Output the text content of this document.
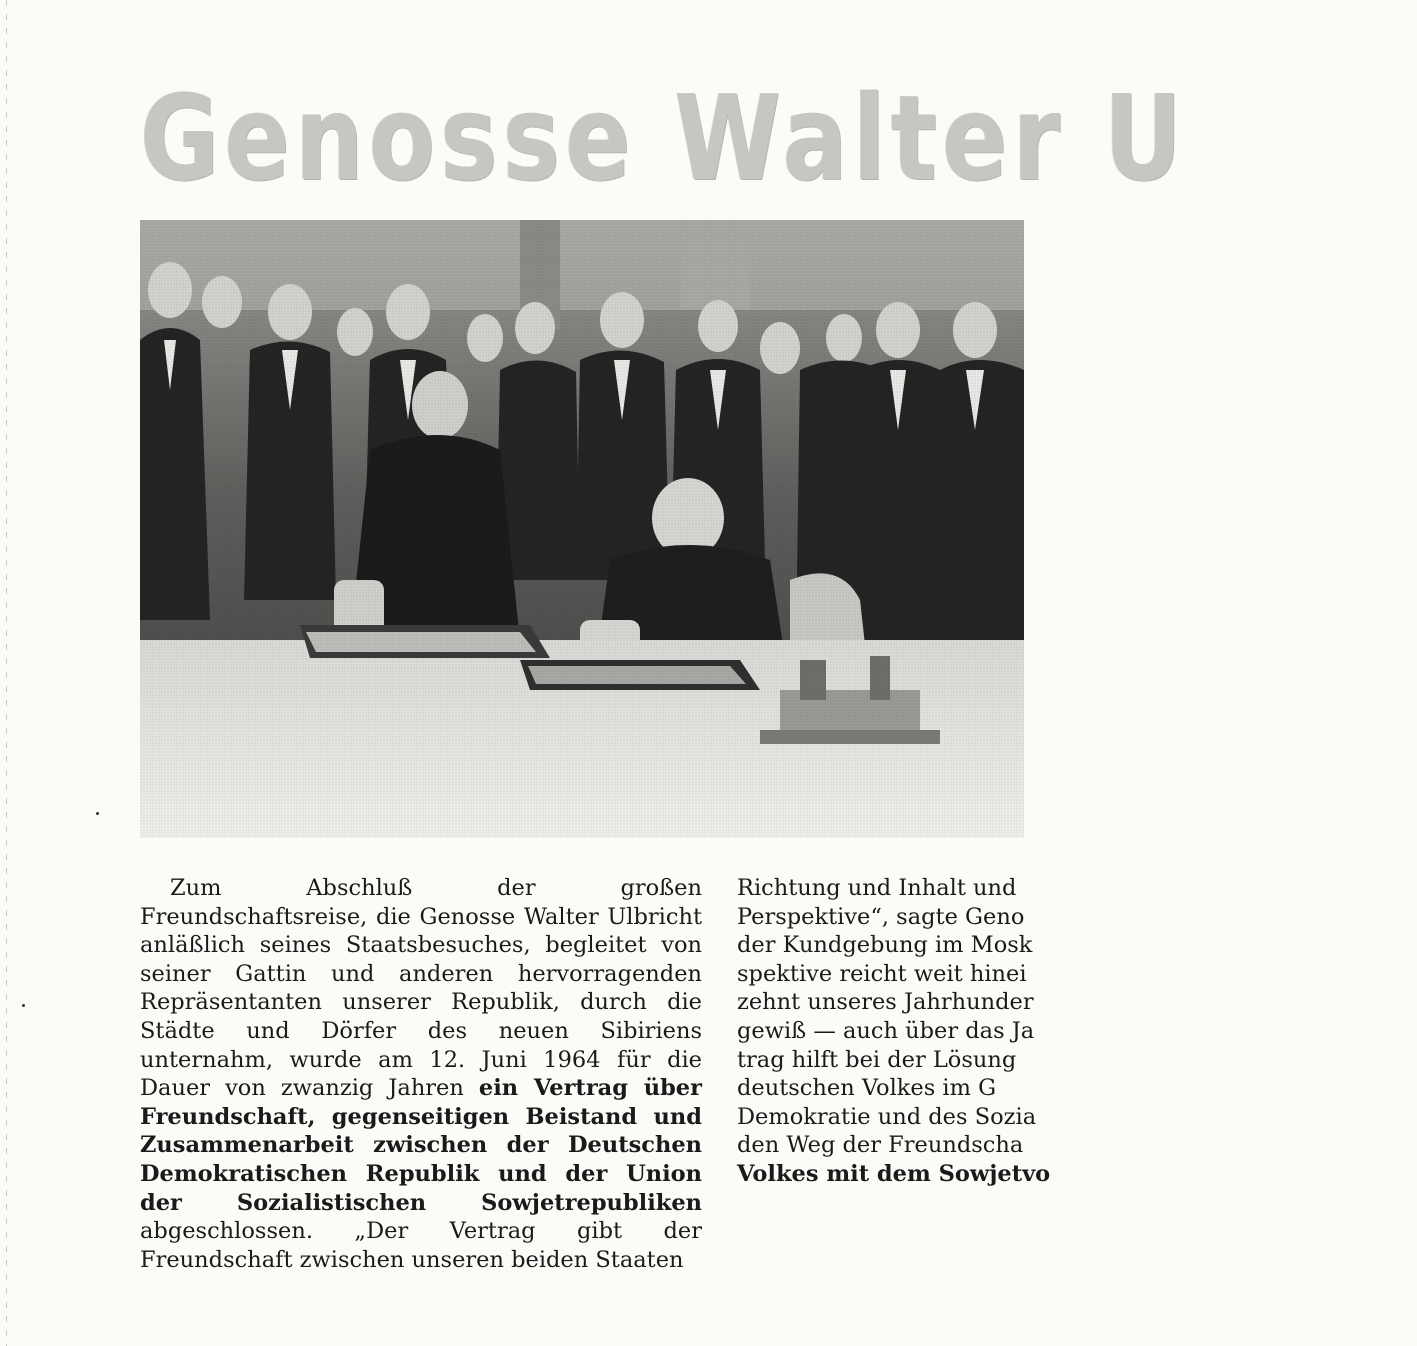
Genosse Walter U

Zum Abschluß der großen Freundschaftsreise, die Genosse Walter Ulbricht anläßlich seines Staatsbesuches, begleitet von seiner Gattin und anderen hervorragenden Repräsentanten unserer Republik, durch die Städte und Dörfer des neuen Sibiriens unternahm, wurde am 12. Juni 1964 für die Dauer von zwanzig Jahren ein Vertrag über Freundschaft, gegenseitigen Beistand und Zusammenarbeit zwischen der Deutschen Demokratischen Republik und der Union der Sozialistischen Sowjetrepubliken abgeschlossen. „Der Vertrag gibt der Freundschaft zwischen unseren beiden Staaten

Richtung und Inhalt und
Perspektive“, sagte Geno
der Kundgebung im Mosk
spektive reicht weit hinei
zehnt unseres Jahrhunder
gewiß — auch über das Ja
trag hilft bei der Lösung
deutschen Volkes im G
Demokratie und des Sozia
den Weg der Freundscha
Volkes mit dem Sowjetvo
